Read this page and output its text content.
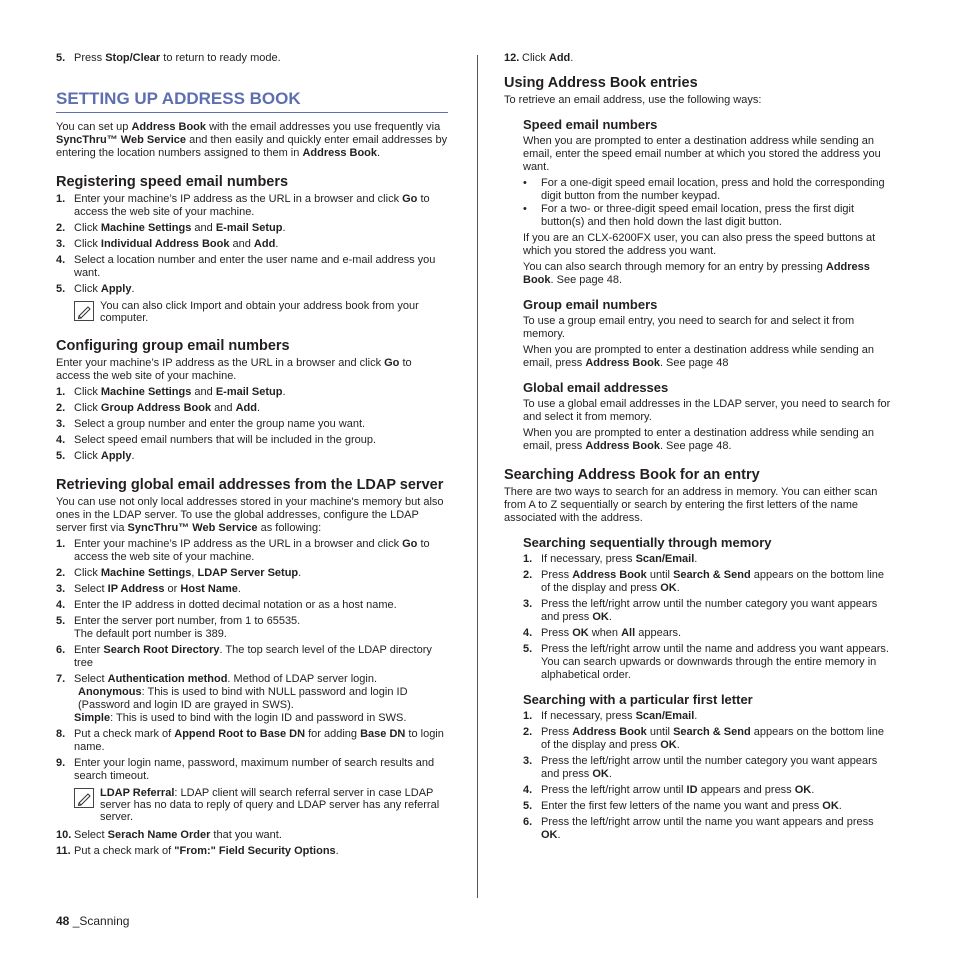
5. Press Stop/Clear to return to ready mode.
SETTING UP ADDRESS BOOK

You can set up Address Book with the email addresses you use frequently via SyncThru™ Web Service and then easily and quickly enter email addresses by entering the location numbers assigned to them in Address Book.

Registering speed email numbers
1. Enter your machine’s IP address as the URL in a browser and click Go to access the web site of your machine.
2. Click Machine Settings and E-mail Setup.
3. Click Individual Address Book and Add.
4. Select a location number and enter the user name and e-mail address you want.
5. Click Apply.
You can also click Import and obtain your address book from your computer.
Configuring group email numbers

Enter your machine’s IP address as the URL in a browser and click Go to access the web site of your machine.

1. Click Machine Settings and E-mail Setup.
2. Click Group Address Book and Add.
3. Select a group number and enter the group name you want.
4. Select speed email numbers that will be included in the group.
5. Click Apply.
Retrieving global email addresses from the LDAP server

You can use not only local addresses stored in your machine's memory but also ones in the LDAP server. To use the global addresses, configure the LDAP server first via SyncThru™ Web Service as following:

1. Enter your machine’s IP address as the URL in a browser and click Go to access the web site of your machine.
2. Click Machine Settings, LDAP Server Setup.
3. Select IP Address or Host Name.
4. Enter the IP address in dotted decimal notation or as a host name.
5. Enter the server port number, from 1 to 65535.
The default port number is 389.
6. Enter Search Root Directory. The top search level of the LDAP directory tree
7. Select Authentication method. Method of LDAP server login.
Anonymous: This is used to bind with NULL password and login ID (Password and login ID are grayed in SWS).
Simple: This is used to bind with the login ID and password in SWS.
8. Put a check mark of Append Root to Base DN for adding Base DN to login name.
9. Enter your login name, password, maximum number of search results and search timeout.
LDAP Referral: LDAP client will search referral server in case LDAP server has no data to reply of query and LDAP server has any referral server.
10. Select Serach Name Order that you want.
11. Put a check mark of "From:" Field Security Options.
12. Click Add.
Using Address Book entries

To retrieve an email address, use the following ways:

Speed email numbers

When you are prompted to enter a destination address while sending an email, enter the speed email number at which you stored the address you want.

• For a one-digit speed email location, press and hold the corresponding digit button from the number keypad.
• For a two- or three-digit speed email location, press the first digit button(s) and then hold down the last digit button.

If you are an CLX-6200FX user, you can also press the speed buttons at which you stored the address you want.

You can also search through memory for an entry by pressing Address Book. See page 48.

Group email numbers

To use a group email entry, you need to search for and select it from memory.

When you are prompted to enter a destination address while sending an email, press Address Book. See page 48

Global email addresses

To use a global email addresses in the LDAP server, you need to search for and select it from memory.

When you are prompted to enter a destination address while sending an email, press Address Book. See page 48.

Searching Address Book for an entry

There are two ways to search for an address in memory. You can either scan from A to Z sequentially or search by entering the first letters of the name associated with the address.

Searching sequentially through memory
1. If necessary, press Scan/Email.
2. Press Address Book until Search & Send appears on the bottom line of the display and press OK.
3. Press the left/right arrow until the number category you want appears and press OK.
4. Press OK when All appears.
5. Press the left/right arrow until the name and address you want appears. You can search upwards or downwards through the entire memory in alphabetical order.
Searching with a particular first letter
1. If necessary, press Scan/Email.
2. Press Address Book until Search & Send appears on the bottom line of the display and press OK.
3. Press the left/right arrow until the number category you want appears and press OK.
4. Press the left/right arrow until ID appears and press OK.
5. Enter the first few letters of the name you want and press OK.
6. Press the left/right arrow until the name you want appears and press OK.
48 _Scanning
